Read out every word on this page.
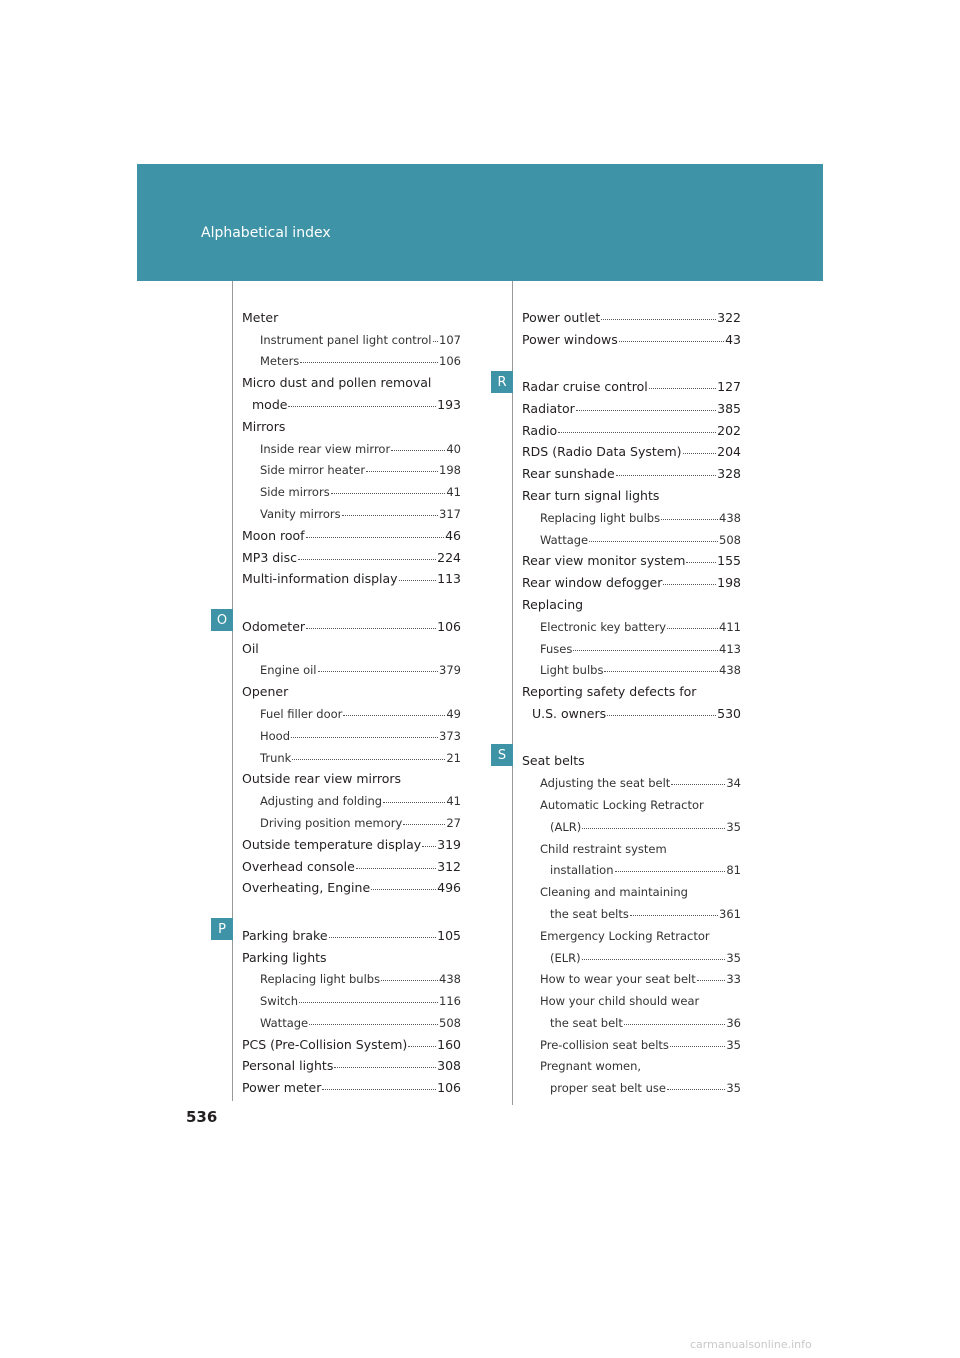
Alphabetical index
O
P
R
S
Meter
Instrument panel light control 107
Meters	106
Micro dust and pollen removal
mode	193
Mirrors
Inside rear view mirror	40
Side mirror heater	198
Side mirrors	41
Vanity mirrors	317
Moon roof	46
MP3 disc	224
Multi-information display	113
Odometer	106
Oil
Engine oil	379
Opener
Fuel filler door	49
Hood	373
Trunk	21
Outside rear view mirrors
Adjusting and folding	41
Driving position memory	27
Outside temperature display 319
Overhead console	312
Overheating, Engine	496
Parking brake	105
Parking lights
Replacing light bulbs	438
Switch	116
Wattage	508
PCS (Pre-Collision System) 160
Personal lights	308
Power meter	106
Power outlet	322
Power windows	43
Radar cruise control	127
Radiator	385
Radio	202
RDS (Radio Data System)	204
Rear sunshade	328
Rear turn signal lights
Replacing light bulbs	438
Wattage	508
Rear view monitor system	155
Rear window defogger	198
Replacing
Electronic key battery	411
Fuses	413
Light bulbs	438
Reporting safety defects for
U.S. owners	530
Seat belts
Adjusting the seat belt	34
Automatic Locking Retractor
(ALR)	35
Child restraint system
installation	81
Cleaning and maintaining
the seat belts	361
Emergency Locking Retractor
(ELR)	35
How to wear your seat belt	33
How your child should wear
the seat belt	36
Pre-collision seat belts	35
Pregnant women,
proper seat belt use	35
536
carmanualsonline.info
